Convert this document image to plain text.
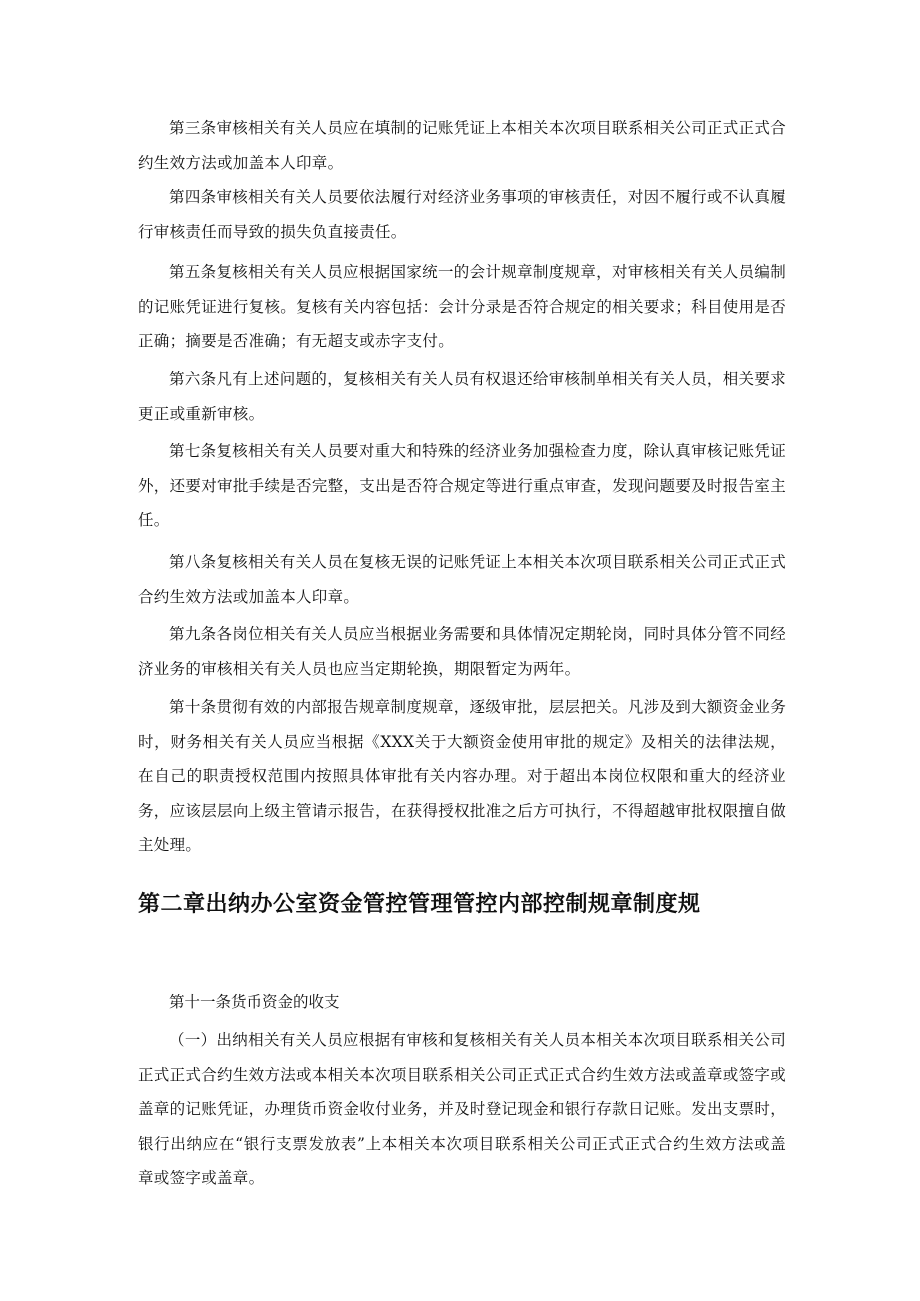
第三条审核相关有关人员应在填制的记账凭证上本相关本次项目联系相关公司正式正式合约生效方法或加盖本人印章。

第四条审核相关有关人员要依法履行对经济业务事项的审核责任，对因不履行或不认真履行审核责任而导致的损失负直接责任。

第五条复核相关有关人员应根据国家统一的会计规章制度规章，对审核相关有关人员编制的记账凭证进行复核。复核有关内容包括：会计分录是否符合规定的相关要求；科目使用是否正确；摘要是否准确；有无超支或赤字支付。

第六条凡有上述问题的，复核相关有关人员有权退还给审核制单相关有关人员，相关要求更正或重新审核。

第七条复核相关有关人员要对重大和特殊的经济业务加强检查力度，除认真审核记账凭证外，还要对审批手续是否完整，支出是否符合规定等进行重点审查，发现问题要及时报告室主任。

第八条复核相关有关人员在复核无误的记账凭证上本相关本次项目联系相关公司正式正式合约生效方法或加盖本人印章。

第九条各岗位相关有关人员应当根据业务需要和具体情况定期轮岗，同时具体分管不同经济业务的审核相关有关人员也应当定期轮换，期限暂定为两年。

第十条贯彻有效的内部报告规章制度规章，逐级审批，层层把关。凡涉及到大额资金业务时，财务相关有关人员应当根据《XXX关于大额资金使用审批的规定》及相关的法律法规，在自己的职责授权范围内按照具体审批有关内容办理。对于超出本岗位权限和重大的经济业务，应该层层向上级主管请示报告，在获得授权批准之后方可执行，不得超越审批权限擅自做主处理。

第二章出纳办公室资金管控管理管控内部控制规章制度规

第十一条货币资金的收支

（一）出纳相关有关人员应根据有审核和复核相关有关人员本相关本次项目联系相关公司正式正式合约生效方法或本相关本次项目联系相关公司正式正式合约生效方法或盖章或签字或盖章的记账凭证，办理货币资金收付业务，并及时登记现金和银行存款日记账。发出支票时，银行出纳应在“银行支票发放表”上本相关本次项目联系相关公司正式正式合约生效方法或盖章或签字或盖章。
